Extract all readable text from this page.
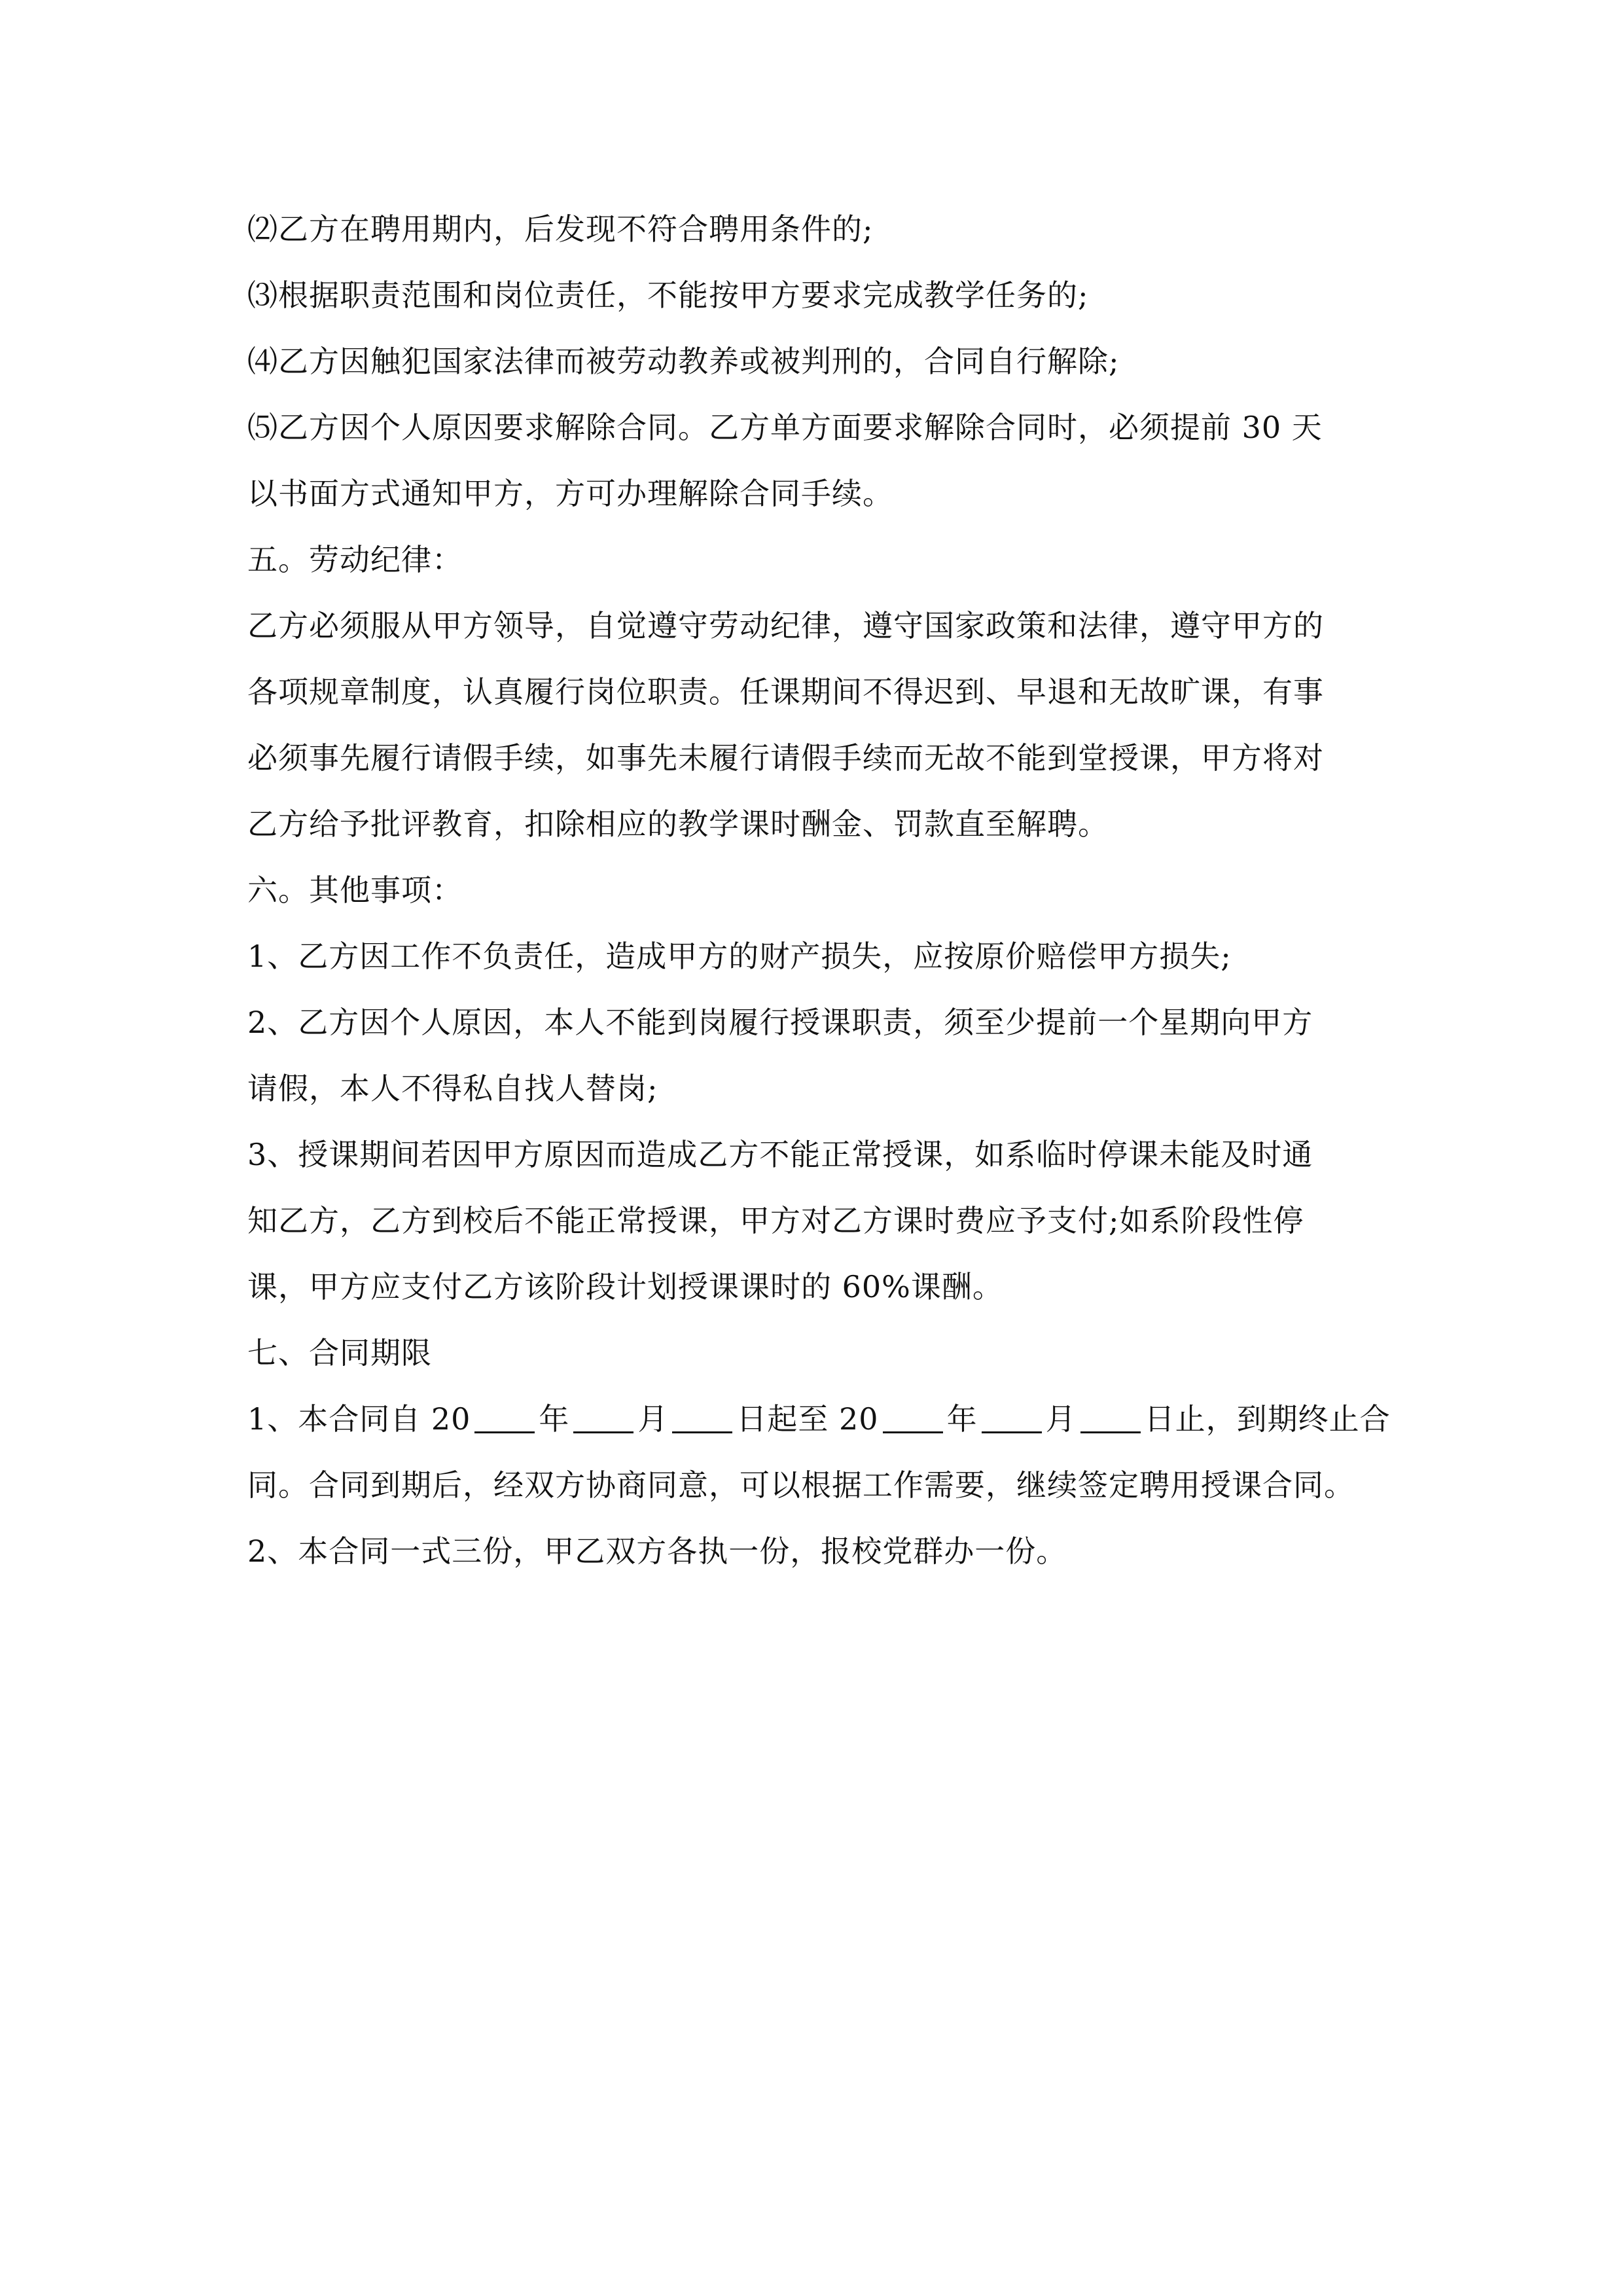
⑵乙方在聘用期内，后发现不符合聘用条件的;
⑶根据职责范围和岗位责任，不能按甲方要求完成教学任务的;
⑷乙方因触犯国家法律而被劳动教养或被判刑的，合同自行解除;
⑸乙方因个人原因要求解除合同。乙方单方面要求解除合同时，必须提前 30 天
以书面方式通知甲方，方可办理解除合同手续。
五。劳动纪律：
乙方必须服从甲方领导，自觉遵守劳动纪律，遵守国家政策和法律，遵守甲方的
各项规章制度，认真履行岗位职责。任课期间不得迟到、早退和无故旷课，有事
必须事先履行请假手续，如事先未履行请假手续而无故不能到堂授课，甲方将对
乙方给予批评教育，扣除相应的教学课时酬金、罚款直至解聘。
六。其他事项：
1、乙方因工作不负责任，造成甲方的财产损失，应按原价赔偿甲方损失;
2、乙方因个人原因，本人不能到岗履行授课职责，须至少提前一个星期向甲方
请假，本人不得私自找人替岗;
3、授课期间若因甲方原因而造成乙方不能正常授课，如系临时停课未能及时通
知乙方，乙方到校后不能正常授课，甲方对乙方课时费应予支付;如系阶段性停
课，甲方应支付乙方该阶段计划授课课时的 60%课酬。
七、合同期限
1、本合同自 20 年 月 日起至 20 年 月 日止，到期终止合
同。合同到期后，经双方协商同意，可以根据工作需要，继续签定聘用授课合同。
2、本合同一式三份，甲乙双方各执一份，报校党群办一份。
